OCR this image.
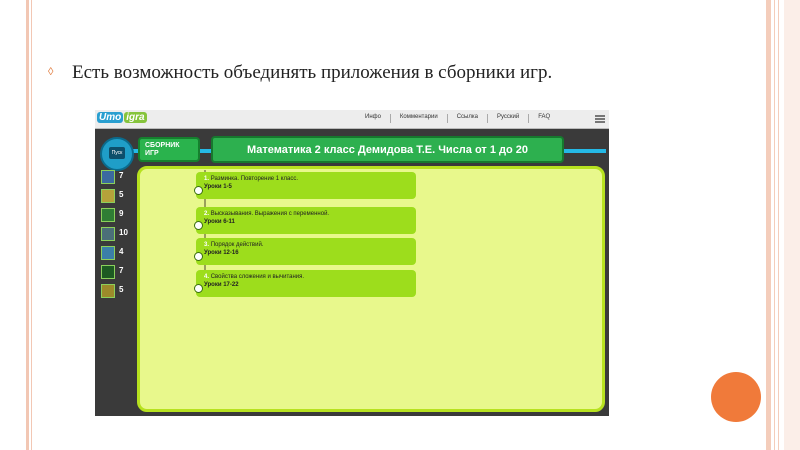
◊ Есть возможность объединять приложения в сборники игр.
Umo igra	Инфо	Комментарии	Ссылка	Русский	FAQ
Пуск
СБОРНИК
ИГР	Математика 2 класс Демидова Т.Е. Числа от 1 до 20
7
5
9
10
4
7
5
1. Разминка. Повторение 1 класс.
Уроки 1-5
2. Высказывания. Выражения с переменной.
Уроки 6-11
3. Порядок действий.
Уроки 12-16
4. Свойства сложения и вычитания.
Уроки 17-22
